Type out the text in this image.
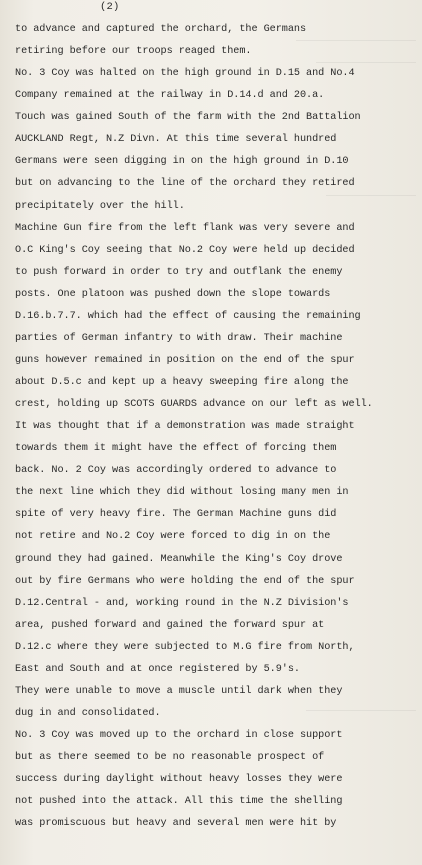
(2)
to advance and captured the orchard, the Germans
retiring before our troops reaged them.
No. 3 Coy was halted on the high ground in D.15 and No.4
Company remained at the railway in D.14.d and 20.a.
Touch was gained South of the farm with the 2nd Battalion
AUCKLAND Regt, N.Z Divn. At this time several hundred
Germans were seen digging in on the high ground in D.10
but on advancing to the line of the orchard they retired
precipitately over the hill.
Machine Gun fire from the left flank was very severe and
O.C King's Coy seeing that No.2 Coy were held up decided
to push forward in order to try and outflank the enemy
posts. One platoon was pushed down the slope towards
D.16.b.7.7. which had the effect of causing the remaining
parties of German infantry to with draw. Their machine
guns however remained in position on the end of the spur
about D.5.c and kept up a heavy sweeping fire along the
crest, holding up SCOTS GUARDS advance on our left as well.
It was thought that if a demonstration was made straight
towards them it might have the effect of forcing them
back. No. 2 Coy was accordingly ordered to advance to
the next line which they did without losing many men in
spite of very heavy fire. The German Machine guns did
not retire and No.2 Coy were forced to dig in on the
ground they had gained. Meanwhile the King's Coy drove
out by fire Germans who were holding the end of the spur
D.12.Central - and, working round in the N.Z Division's
area, pushed forward and gained the forward spur at
D.12.c where they were subjected to M.G fire from North,
East and South and at once registered by 5.9's.
They were unable to move a muscle until dark when they
dug in and consolidated.
No. 3 Coy was moved up to the orchard in close support
but as there seemed to be no reasonable prospect of
success during daylight without heavy losses they were
not pushed into the attack. All this time the shelling
was promiscuous but heavy and several men were hit by
